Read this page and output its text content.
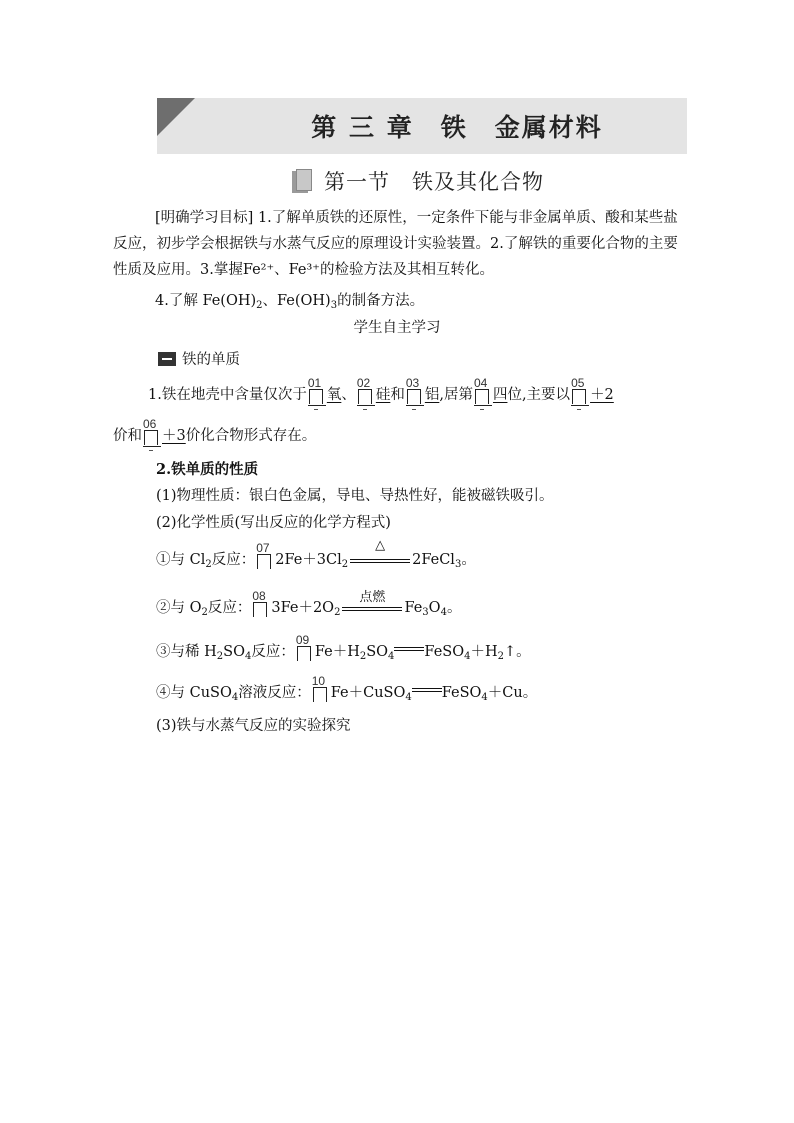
第 三 章　铁　金属材料
第一节　铁及其化合物
[明确学习目标] 1.了解单质铁的还原性，一定条件下能与非金属单质、酸和某些盐反应，初步学会根据铁与水蒸气反应的原理设计实验装置。2.了解铁的重要化合物的主要性质及应用。3.掌握Fe²⁺、Fe³⁺的检验方法及其相互转化。
4.了解 $Fe(OH)_2$、$Fe(OH)_3$的制备方法。
学生自主学习
铁的单质
1.铁在地壳中含量仅次于
01
氧、
02
硅和
03
铝,居第
04
四位,主要以
05
＋2
价和
06
＋3价化合物形式存在。
2.铁单质的性质
(1)物理性质：银白色金属，导电、导热性好，能被磁铁吸引。
(2)化学性质(写出反应的化学方程式)
①与 $Cl_2$反应：
07
$2Fe+3Cl_2$
△
2FeCl$_3$。
②与 $O_2$反应：
08
$3Fe+2O_2$
点燃
$Fe_3O_4$。
③与稀 $H_2SO_4$反应：
09
$Fe+H_2SO_4$ $FeSO_4+H_2↑$。
④与 CuSO$_4$溶液反应：
10
Fe＋CuSO$_4$ FeSO$_4$＋Cu。
(3)铁与水蒸气反应的实验探究
